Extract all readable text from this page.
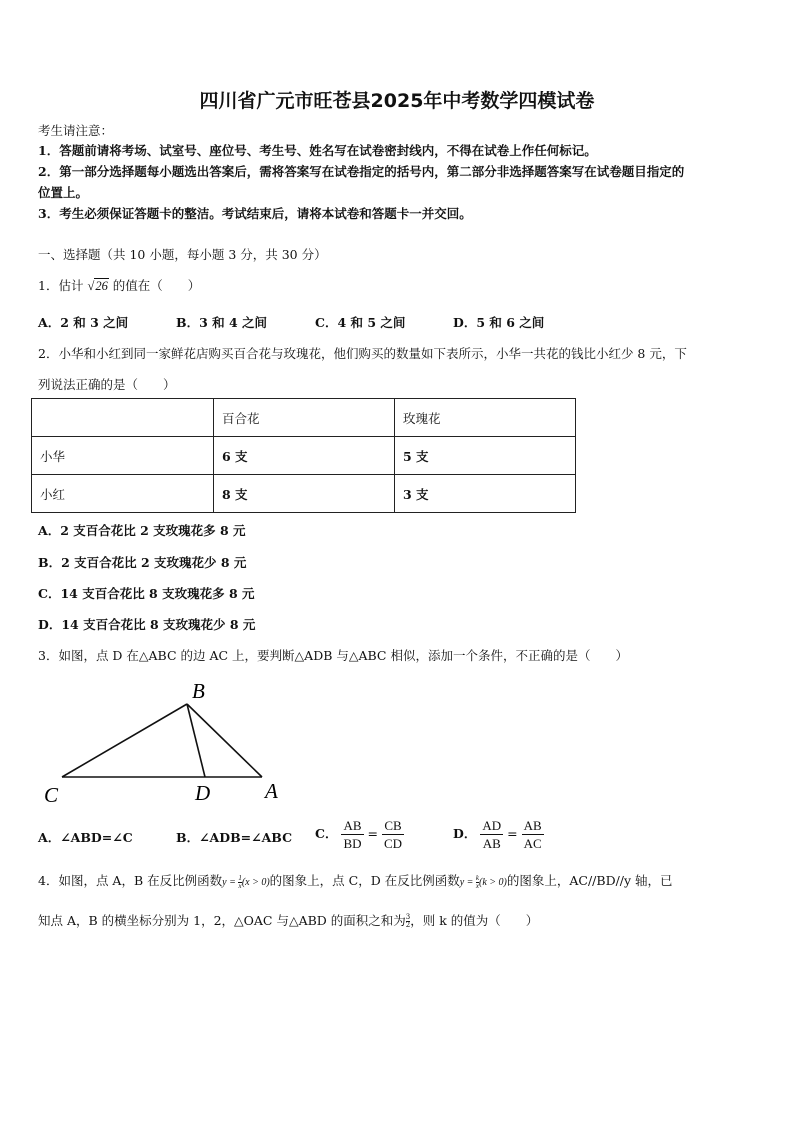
四川省广元市旺苍县2025年中考数学四模试卷
考生请注意：
1．答题前请将考场、试室号、座位号、考生号、姓名写在试卷密封线内，不得在试卷上作任何标记。
2．第一部分选择题每小题选出答案后，需将答案写在试卷指定的括号内，第二部分非选择题答案写在试卷题目指定的
位置上。
3．考生必须保证答题卡的整洁。考试结束后，请将本试卷和答题卡一并交回。
一、选择题（共 10 小题，每小题 3 分，共 30 分）
1．估计 √26 的值在（　　）
A．2 和 3 之间	B．3 和 4 之间	C．4 和 5 之间	D．5 和 6 之间
2．小华和小红到同一家鲜花店购买百合花与玫瑰花，他们购买的数量如下表所示，小华一共花的钱比小红少 8 元，下
列说法正确的是（　　）
	百合花	玫瑰花
小华	6 支	5 支
小红	8 支	3 支
A．2 支百合花比 2 支玫瑰花多 8 元
B．2 支百合花比 2 支玫瑰花少 8 元
C．14 支百合花比 8 支玫瑰花多 8 元
D．14 支百合花比 8 支玫瑰花少 8 元
3．如图，点 D 在△ABC 的边 AC 上，要判断△ADB 与△ABC 相似，添加一个条件，不正确的是（　　）
B
C	D	A
A．∠ABD=∠C	B．∠ADB=∠ABC C． $\frac{AB}{BD} = \frac{CB}{CD}$	D． $\frac{AD}{AB} = \frac{AB}{AC}$
4．如图，点 A，B 在反比例函数$y = \frac{1}{x} (x > 0)$的图象上，点 C，D 在反比例函数$y = \frac{k}{x} (k > 0)$的图象上，AC//BD//y 轴，已
知点 A，B 的横坐标分别为 1，2，△OAC 与△ABD 的面积之和为 $\frac{3}{2}$ ，则 k 的值为（　　）
